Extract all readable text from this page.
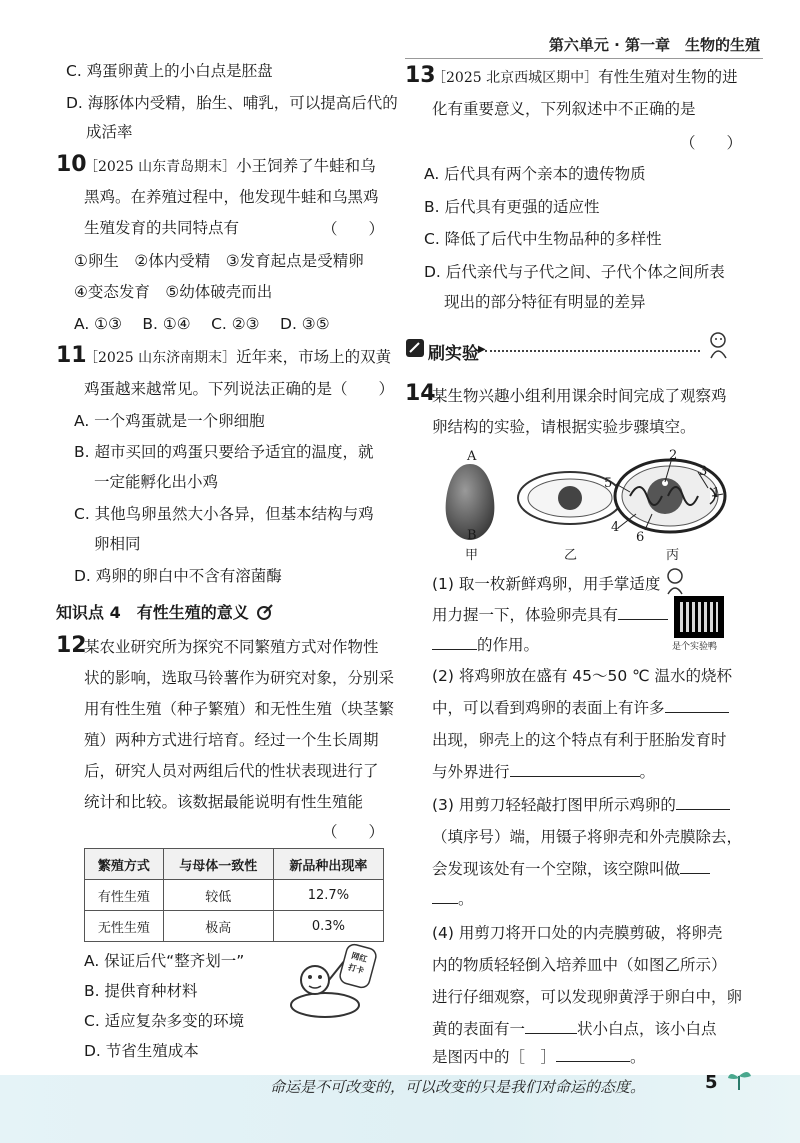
第六单元 · 第一章　生物的生殖
C. 鸡蛋卵黄上的小白点是胚盘
D. 海豚体内受精，胎生、哺乳，可以提高后代的
成活率
10
［2025 山东青岛期末］小王饲养了牛蛙和乌
黑鸡。在养殖过程中，他发现牛蛙和乌黑鸡
生殖发育的共同特点有	（　　）
①卵生　②体内受精　③发育起点是受精卵
④变态发育　⑤幼体破壳而出
A. ①③　 B. ①④　 C. ②③　 D. ③⑤
11
［2025 山东济南期末］近年来，市场上的双黄
鸡蛋越来越常见。下列说法正确的是（　　）
A. 一个鸡蛋就是一个卵细胞
B. 超市买回的鸡蛋只要给予适宜的温度，就
一定能孵化出小鸡
C. 其他鸟卵虽然大小各异，但基本结构与鸡
卵相同
D. 鸡卵的卵白中不含有溶菌酶
知识点 4　有性生殖的意义
12
某农业研究所为探究不同繁殖方式对作物性
状的影响，选取马铃薯作为研究对象，分别采
用有性生殖（种子繁殖）和无性生殖（块茎繁
殖）两种方式进行培育。经过一个生长周期
后，研究人员对两组后代的性状表现进行了
统计和比较。该数据最能说明有性生殖能
（　　）
繁殖方式	与母体一致性	新品种出现率
有性生殖	较低	12.7%
无性生殖	极高	0.3%
A. 保证后代“整齐划一”
B. 提供育种材料
C. 适应复杂多变的环境
D. 节省生殖成本
网红
打卡
13
［2025 北京西城区期中］有性生殖对生物的进
化有重要意义，下列叙述中不正确的是
（　　）
A. 后代具有两个亲本的遗传物质
B. 后代具有更强的适应性
C. 降低了后代中生物品种的多样性
D. 后代亲代与子代之间、子代个体之间所表
现出的部分特征有明显的差异
刷实验 ▶
14
某生物兴趣小组利用课余时间完成了观察鸡
卵结构的实验，请根据实验步骤填空。
A
B
甲	乙	丙
1
2
3
4
5
6
是个实验鸭
(1) 取一枚新鲜鸡卵，用手掌适度
用力握一下，体验卵壳具有
的作用。
(2) 将鸡卵放在盛有 45～50 ℃ 温水的烧杯
中，可以看到鸡卵的表面上有许多
出现，卵壳上的这个特点有利于胚胎发育时
与外界进行	。
(3) 用剪刀轻轻敲打图甲所示鸡卵的
（填序号）端，用镊子将卵壳和外壳膜除去，
会发现该处有一个空隙，该空隙叫做
。
(4) 用剪刀将开口处的内壳膜剪破，将卵壳
内的物质轻轻倒入培养皿中（如图乙所示）
进行仔细观察，可以发现卵黄浮于卵白中，卵
黄的表面有一	状小白点，该小白点
是图丙中的［　］	。
命运是不可改变的，可以改变的只是我们对命运的态度。	5
